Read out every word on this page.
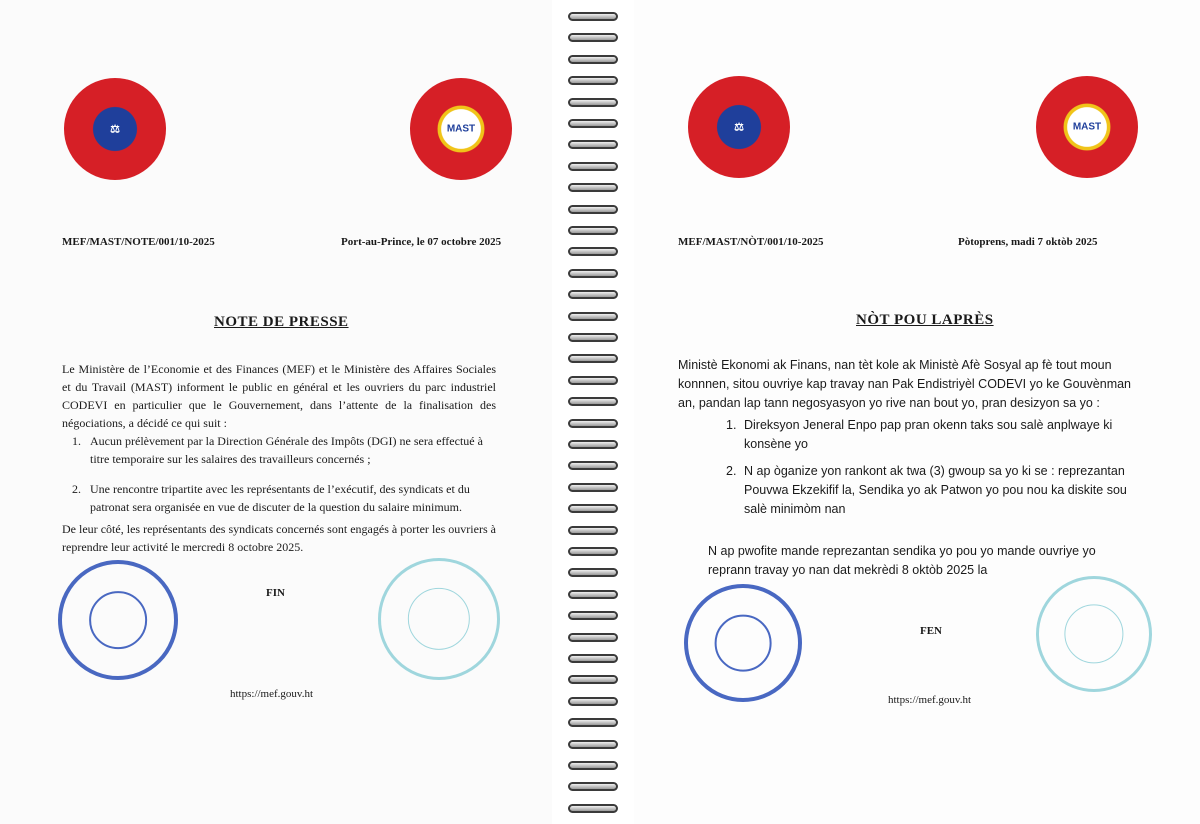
⚖	MAST
MEF/MAST/NOTE/001/10-2025	Port-au-Prince, le 07 octobre 2025
NOTE DE PRESSE
Le Ministère de l’Economie et des Finances (MEF) et le Ministère des Affaires Sociales et du Travail (MAST) informent le public en général et les ouvriers du parc industriel CODEVI en particulier que le Gouvernement, dans l’attente de la finalisation des négociations, a décidé ce qui suit :
1. Aucun prélèvement par la Direction Générale des Impôts (DGI) ne sera effectué à titre temporaire sur les salaires des travailleurs concernés ;
2. Une rencontre tripartite avec les représentants de l’exécutif, des syndicats et du patronat sera organisée en vue de discuter de la question du salaire minimum.
De leur côté, les représentants des syndicats concernés sont engagés à porter les ouvriers à reprendre leur activité le mercredi 8 octobre 2025.
FIN
https://mef.gouv.ht
⚖	MAST
MEF/MAST/NÒT/001/10-2025	Pòtoprens, madi 7 oktòb 2025
NÒT POU LAPRÈS
Ministè Ekonomi ak Finans, nan tèt kole ak Ministè Afè Sosyal ap fè tout moun konnnen, sitou ouvriye kap travay nan Pak Endistriyèl CODEVI yo ke Gouvènman an, pandan lap tann negosyasyon yo rive nan bout yo, pran desizyon sa yo :
1. Direksyon Jeneral Enpo pap pran okenn taks sou salè anplwaye ki konsène yo
2. N ap òganize yon rankont ak twa (3) gwoup sa yo ki se : reprezantan Pouvwa Ekzekifif la, Sendika yo ak Patwon yo pou nou ka diskite sou salè minimòm nan
N ap pwofite mande reprezantan sendika yo pou yo mande ouvriye yo reprann travay yo nan dat mekrèdi 8 oktòb 2025 la
FEN
https://mef.gouv.ht
